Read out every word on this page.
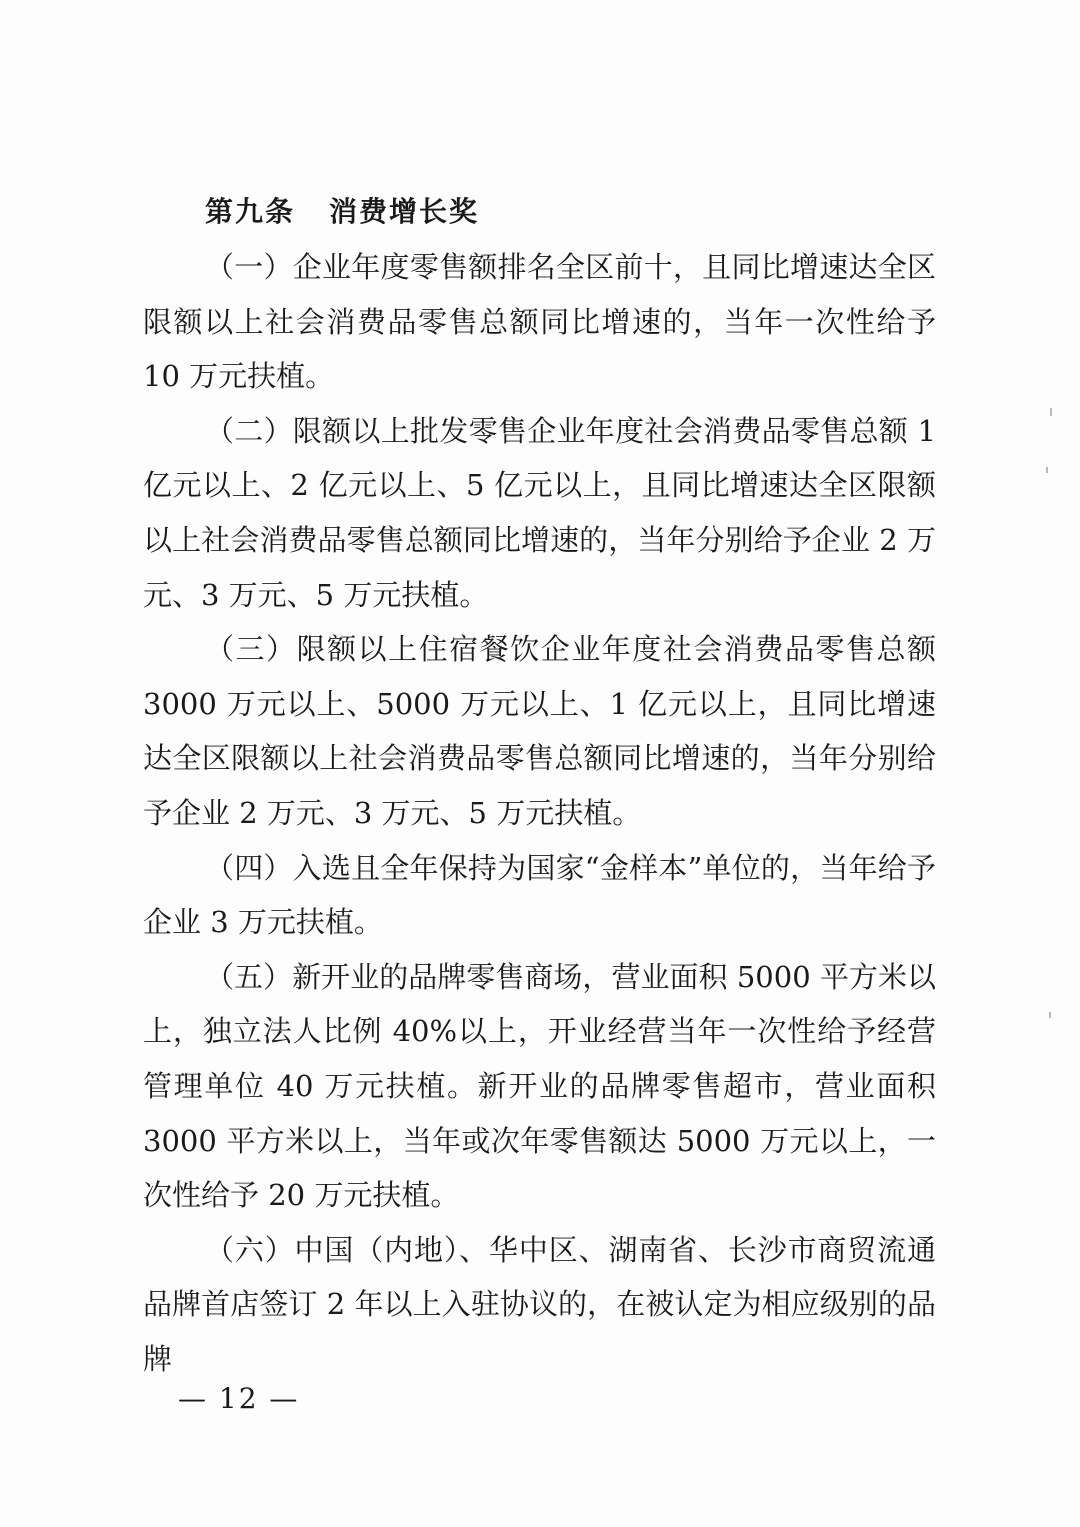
第九条 消费增长奖

（一）企业年度零售额排名全区前十，且同比增速达全区限额以上社会消费品零售总额同比增速的，当年一次性给予 10 万元扶植。

（二）限额以上批发零售企业年度社会消费品零售总额 1 亿元以上、2 亿元以上、5 亿元以上，且同比增速达全区限额以上社会消费品零售总额同比增速的，当年分别给予企业 2 万元、3 万元、5 万元扶植。

（三）限额以上住宿餐饮企业年度社会消费品零售总额 3000 万元以上、5000 万元以上、1 亿元以上，且同比增速达全区限额以上社会消费品零售总额同比增速的，当年分别给予企业 2 万元、3 万元、5 万元扶植。

（四）入选且全年保持为国家“金样本”单位的，当年给予企业 3 万元扶植。

（五）新开业的品牌零售商场，营业面积 5000 平方米以上，独立法人比例 40%以上，开业经营当年一次性给予经营管理单位 40 万元扶植。新开业的品牌零售超市，营业面积 3000 平方米以上，当年或次年零售额达 5000 万元以上，一次性给予 20 万元扶植。

（六）中国（内地）、华中区、湖南省、长沙市商贸流通品牌首店签订 2 年以上入驻协议的，在被认定为相应级别的品牌

— 12 —
